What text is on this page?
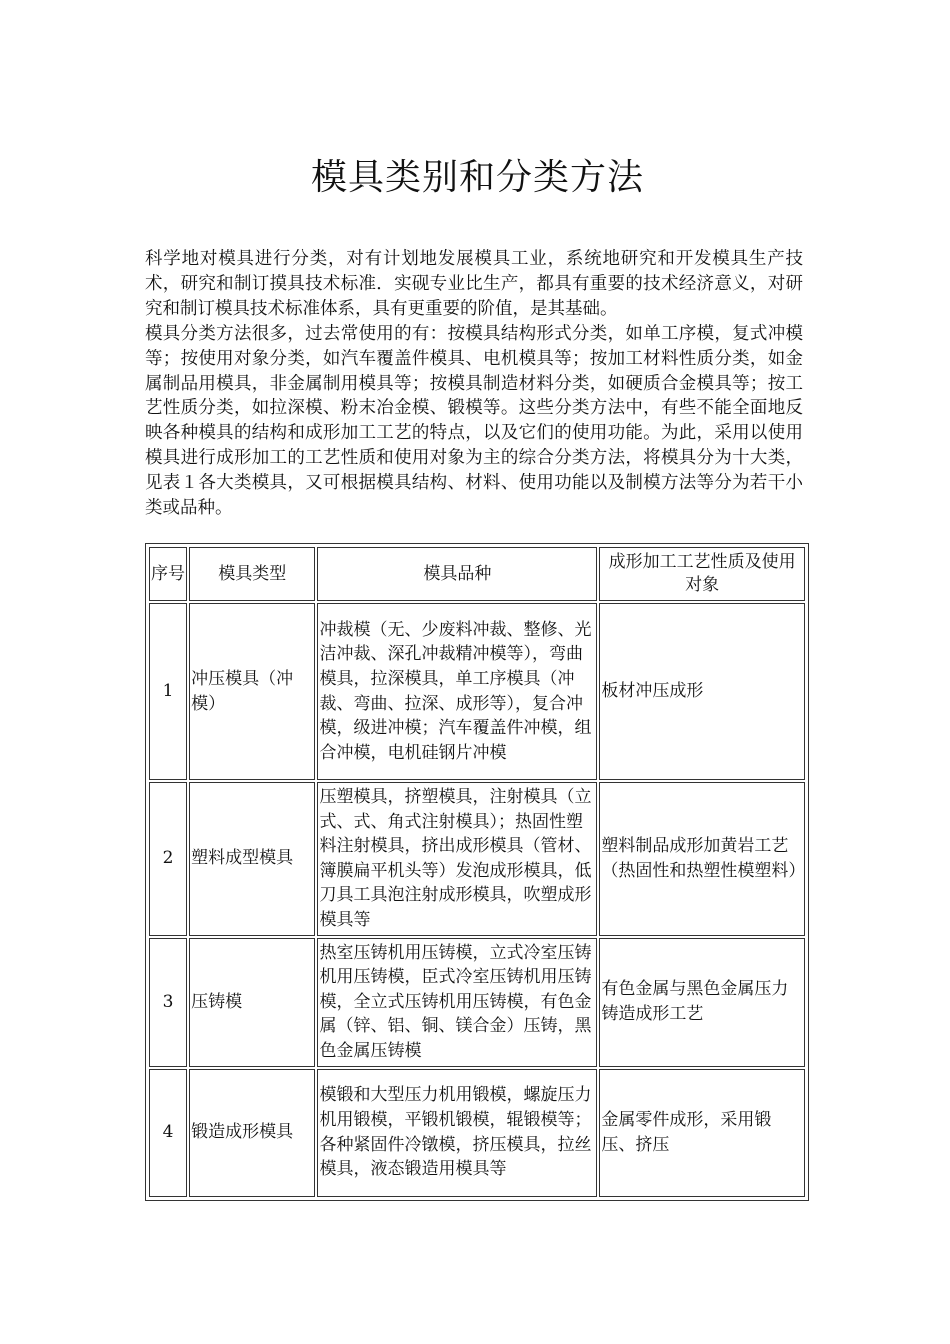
模具类别和分类方法

科学地对模具进行分类，对有计划地发展模具工业，系统地研究和开发模具生产技术，研究和制订摸具技术标准．实砚专业比生产，都具有重要的技术经济意义，对研究和制订模具技术标准体系，具有更重要的阶值，是其基础。

模具分类方法很多，过去常使用的有：按模具结构形式分类，如单工序模，复式冲模等；按使用对象分类，如汽车覆盖件模具、电机模具等；按加工材料性质分类，如金属制品用模具，非金属制用模具等；按模具制造材料分类，如硬质合金模具等；按工艺性质分类，如拉深模、粉末冶金模、锻模等。这些分类方法中，有些不能全面地反映各种模具的结构和成形加工工艺的特点，以及它们的使用功能。为此，采用以使用模具进行成形加工的工艺性质和使用对象为主的综合分类方法，将模具分为十大类，见表１各大类模具，又可根据模具结构、材料、使用功能以及制模方法等分为若干小类或品种。

序号	模具类型	模具品种	成形加工工艺性质及使用对象
1	冲压模具（冲模）	冲裁模（无、少废料冲裁、整修、光洁冲裁、深孔冲裁精冲模等），弯曲模具，拉深模具，单工序模具（冲裁、弯曲、拉深、成形等），复合冲模，级进冲模；汽车覆盖件冲模，组合冲模，电机硅钢片冲模	板材冲压成形
2	塑料成型模具	压塑模具，挤塑模具，注射模具（立式、式、角式注射模具）；热固性塑料注射模具，挤出成形模具（管材、簿膜扁平机头等）发泡成形模具，低刀具工具泡注射成形模具，吹塑成形模具等	塑料制品成形加黄岩工艺（热固性和热塑性模塑料）
3	压铸模	热室压铸机用压铸模，立式冷室压铸机用压铸模，臣式冷室压铸机用压铸模，全立式压铸机用压铸模，有色金属（锌、铝、铜、镁合金）压铸，黑色金属压铸模	有色金属与黑色金属压力铸造成形工艺
4	锻造成形模具	模锻和大型压力机用锻模，螺旋压力机用锻模，平锻机锻模，辊锻模等；各种紧固件冷镦模，挤压模具，拉丝模具，液态锻造用模具等	金属零件成形，采用锻压、挤压
